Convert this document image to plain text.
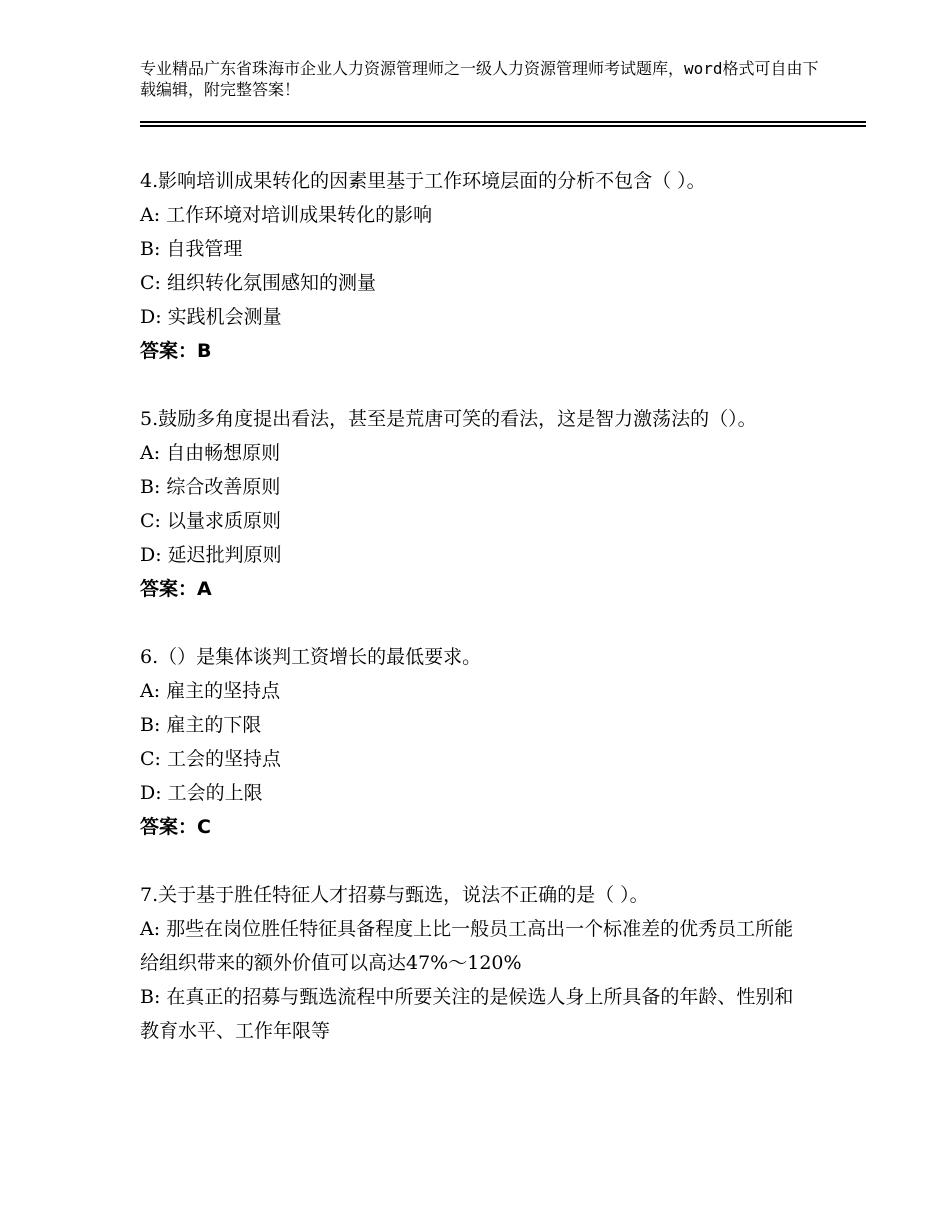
专业精品广东省珠海市企业人力资源管理师之一级人力资源管理师考试题库，word格式可自由下载编辑，附完整答案！
4.影响培训成果转化的因素里基于工作环境层面的分析不包含（ ）。
A: 工作环境对培训成果转化的影响
B: 自我管理
C: 组织转化氛围感知的测量
D: 实践机会测量
答案：B
5.鼓励多角度提出看法，甚至是荒唐可笑的看法，这是智力激荡法的（）。
A: 自由畅想原则
B: 综合改善原则
C: 以量求质原则
D: 延迟批判原则
答案：A
6.（）是集体谈判工资增长的最低要求。
A: 雇主的坚持点
B: 雇主的下限
C: 工会的坚持点
D: 工会的上限
答案：C
7.关于基于胜任特征人才招募与甄选，说法不正确的是（ ）。
A: 那些在岗位胜任特征具备程度上比一般员工高出一个标准差的优秀员工所能给组织带来的额外价值可以高达47%～120%
B: 在真正的招募与甄选流程中所要关注的是候选人身上所具备的年龄、性别和教育水平、工作年限等
